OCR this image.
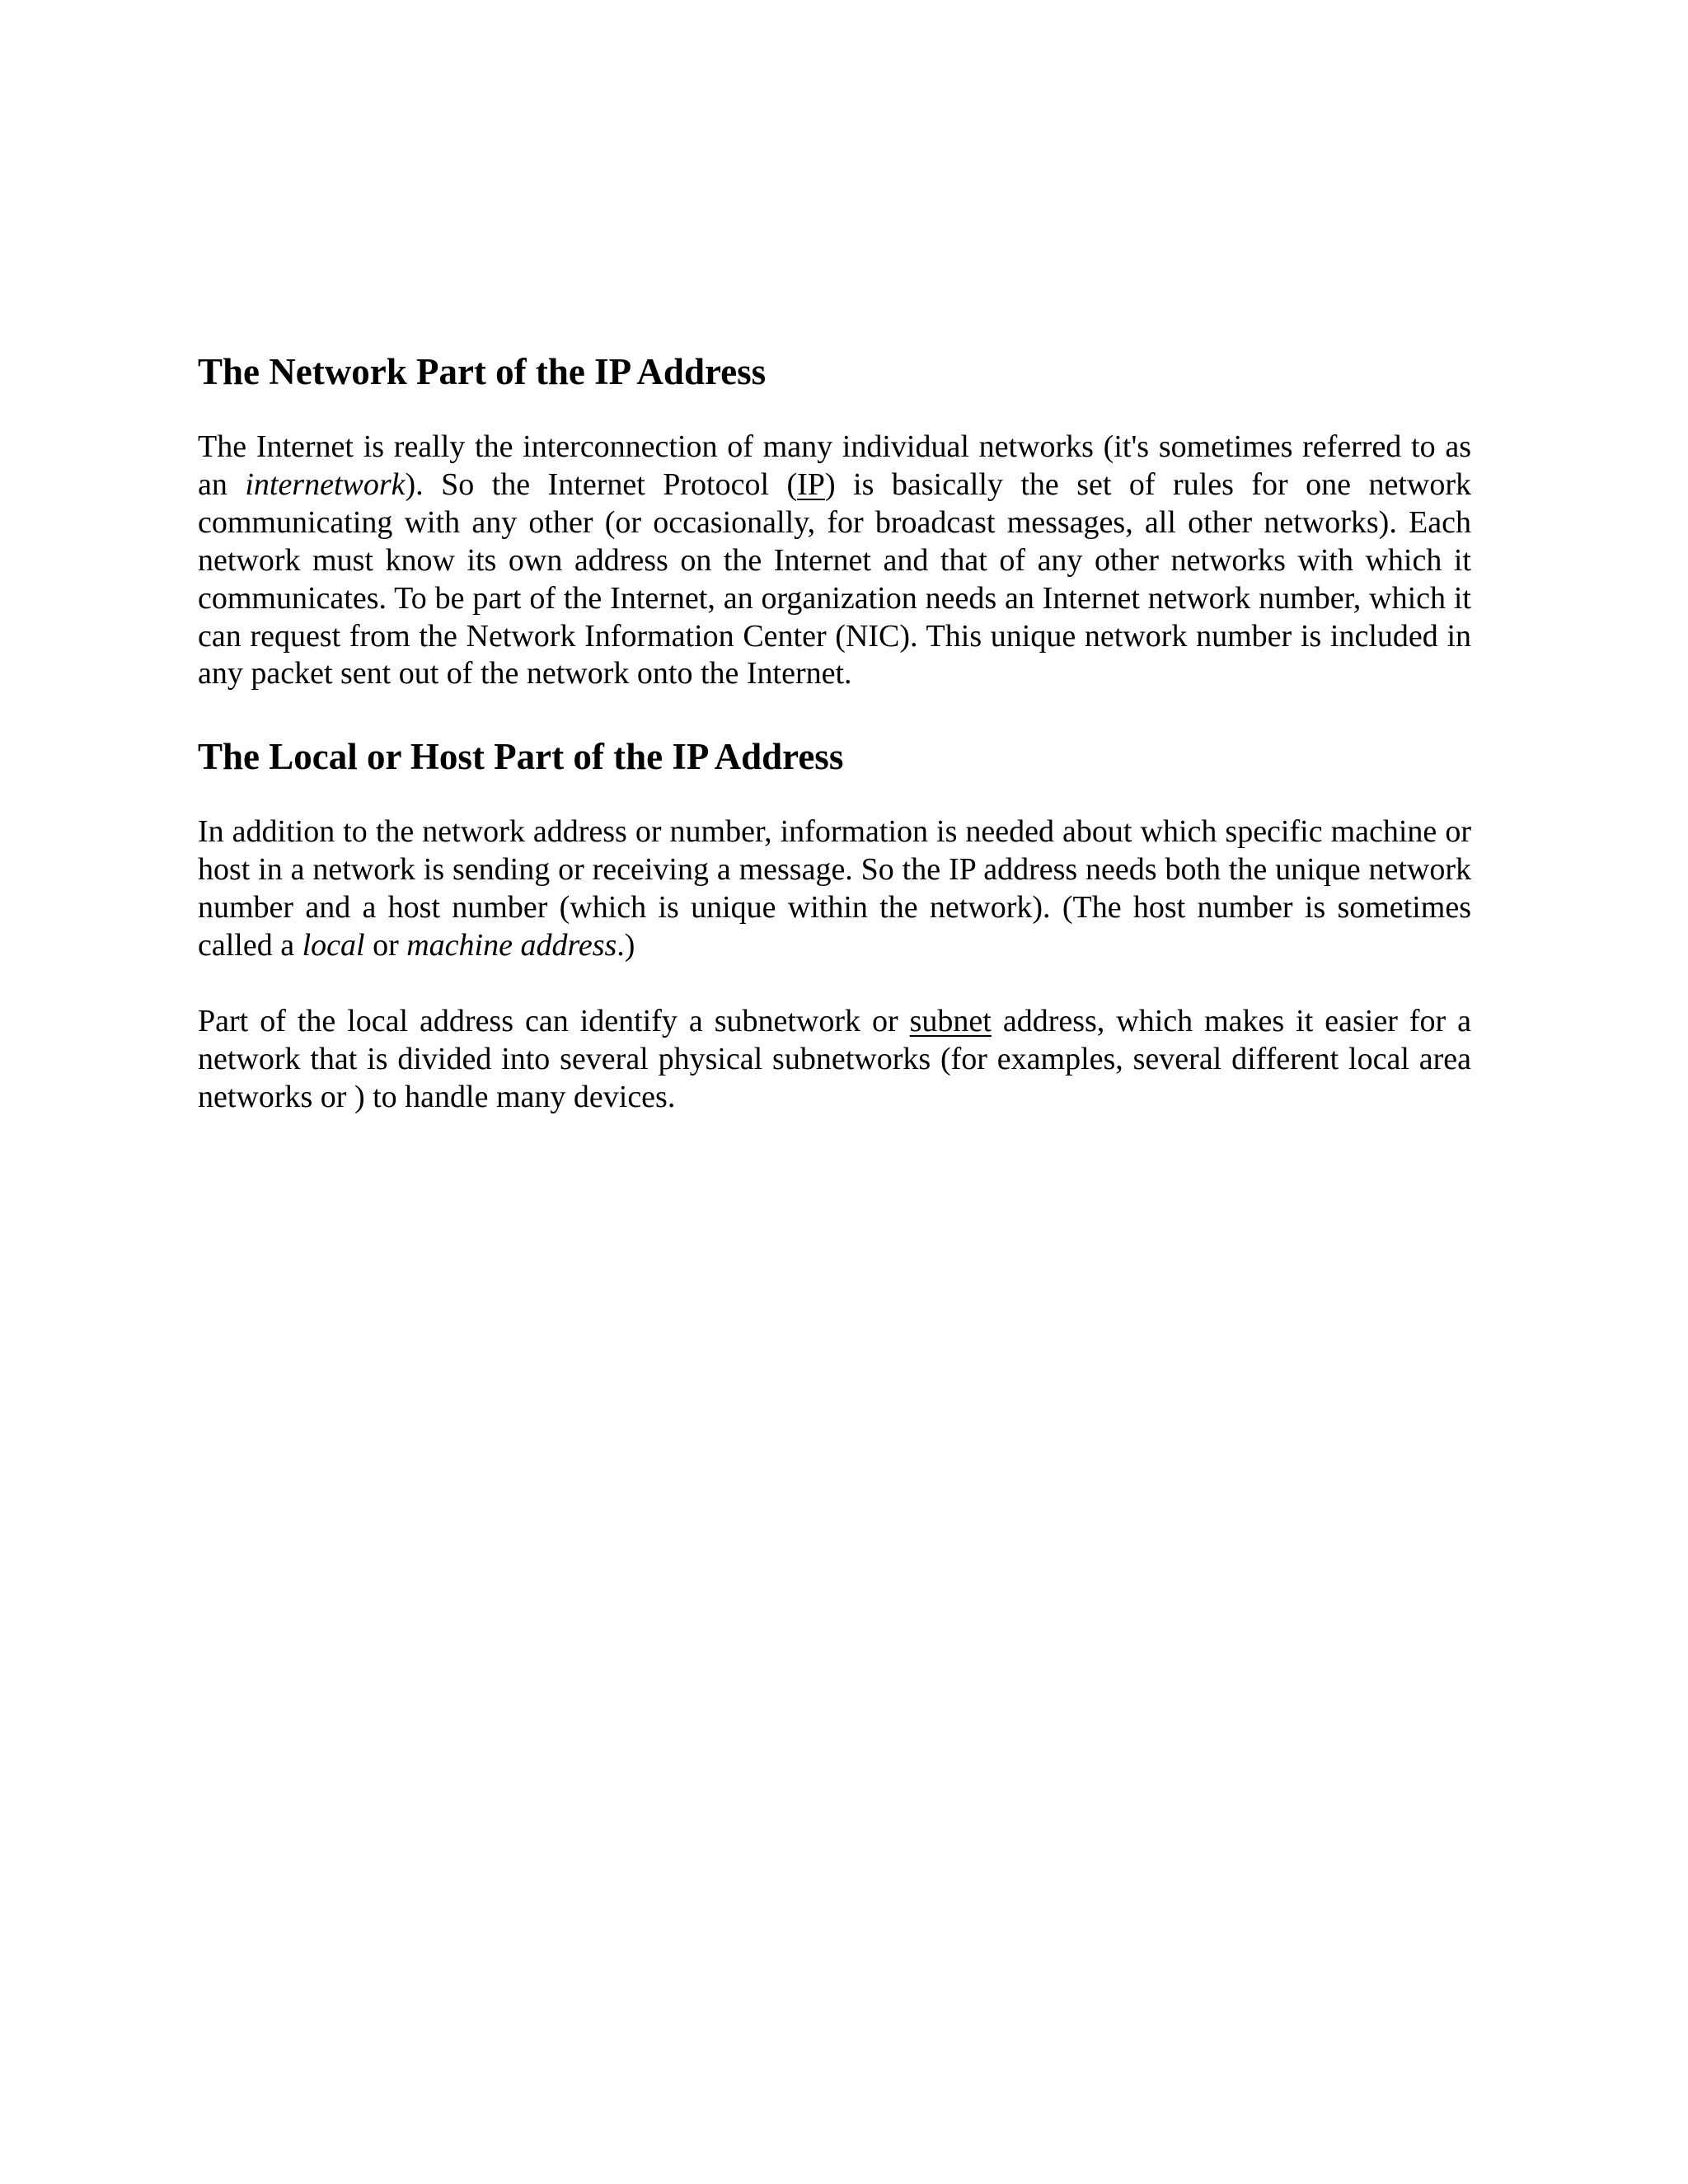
The Network Part of the IP Address

The Internet is really the interconnection of many individual networks (it's sometimes referred to as an internetwork). So the Internet Protocol (IP) is basically the set of rules for one network communicating with any other (or occasionally, for broadcast messages, all other networks). Each network must know its own address on the Internet and that of any other networks with which it communicates. To be part of the Internet, an organization needs an Internet network number, which it can request from the Network Information Center (NIC). This unique network number is included in any packet sent out of the network onto the Internet.

The Local or Host Part of the IP Address

In addition to the network address or number, information is needed about which specific machine or host in a network is sending or receiving a message. So the IP address needs both the unique network number and a host number (which is unique within the network). (The host number is sometimes called a local or machine address.)

Part of the local address can identify a subnetwork or subnet address, which makes it easier for a network that is divided into several physical subnetworks (for examples, several different local area networks or ) to handle many devices.
